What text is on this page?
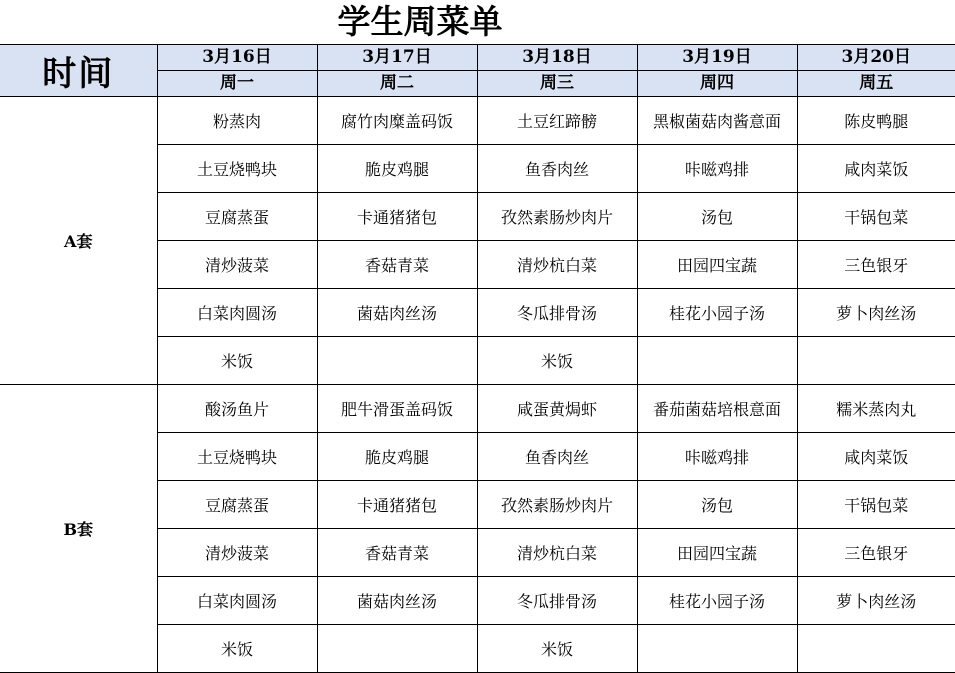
学生周菜单
时间	3月16日	3月17日	3月18日	3月19日	3月20日
	周一	周二	周三	周四	周五
A套	粉蒸肉	腐竹肉糜盖码饭	土豆红蹄髈	黑椒菌菇肉酱意面	陈皮鸭腿
	土豆烧鸭块	脆皮鸡腿	鱼香肉丝	咔嗞鸡排	咸肉菜饭
	豆腐蒸蛋	卡通猪猪包	孜然素肠炒肉片	汤包	干锅包菜
	清炒菠菜	香菇青菜	清炒杭白菜	田园四宝蔬	三色银牙
	白菜肉圆汤	菌菇肉丝汤	冬瓜排骨汤	桂花小园子汤	萝卜肉丝汤
	米饭		米饭		
B套	酸汤鱼片	肥牛滑蛋盖码饭	咸蛋黄焗虾	番茄菌菇培根意面	糯米蒸肉丸
	土豆烧鸭块	脆皮鸡腿	鱼香肉丝	咔嗞鸡排	咸肉菜饭
	豆腐蒸蛋	卡通猪猪包	孜然素肠炒肉片	汤包	干锅包菜
	清炒菠菜	香菇青菜	清炒杭白菜	田园四宝蔬	三色银牙
	白菜肉圆汤	菌菇肉丝汤	冬瓜排骨汤	桂花小园子汤	萝卜肉丝汤
	米饭		米饭		
